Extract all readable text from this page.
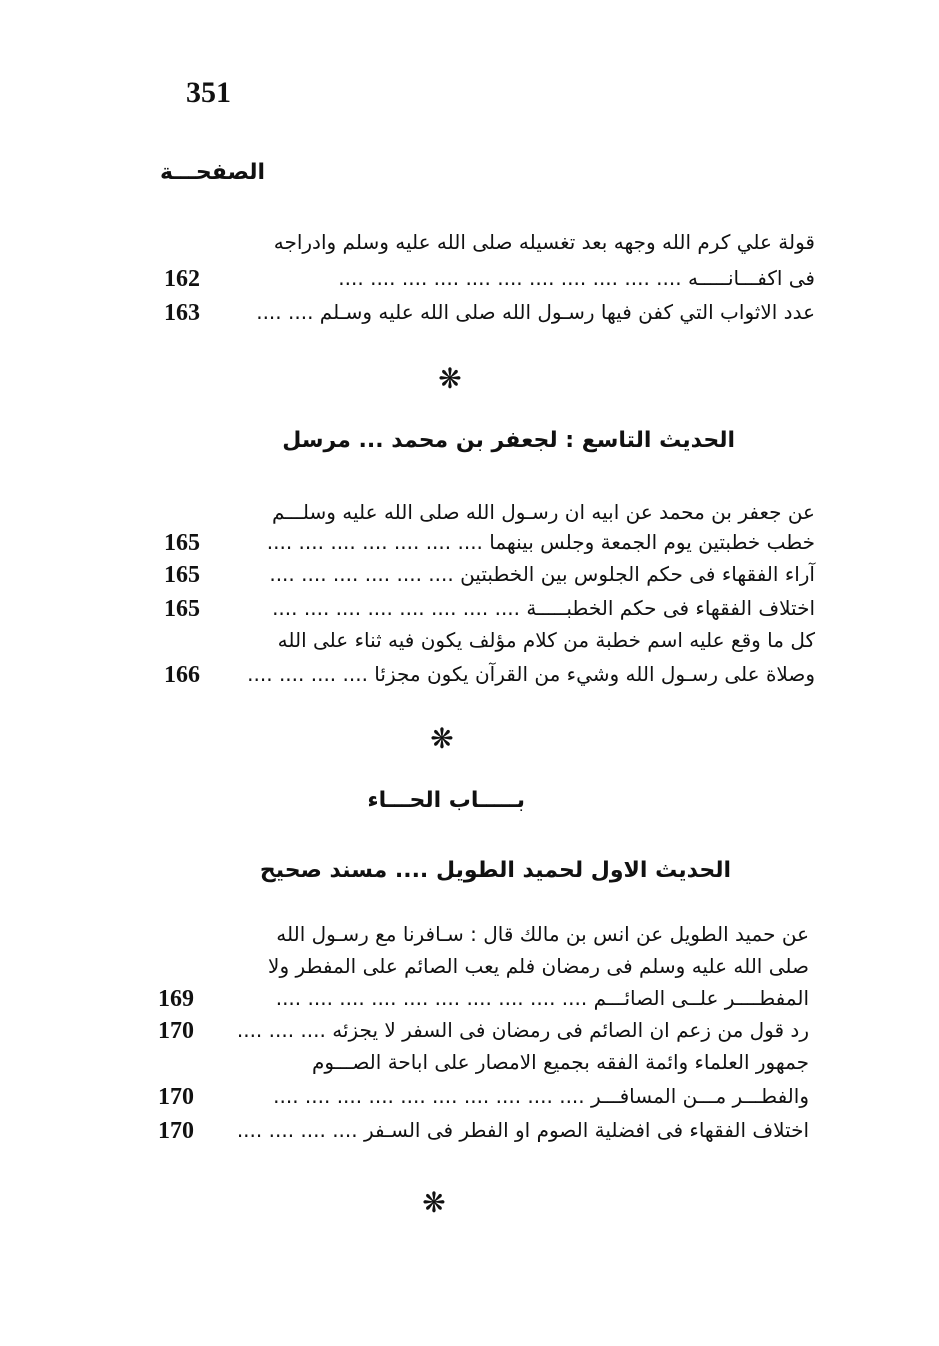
351
الصفحـــة
قولة علي كرم الله وجهه بعد تغسيله صلى الله عليه وسلم وادراجه
فى اكفـــانـــــه .... .... .... .... .... .... .... .... .... .... ....
162
عدد الاثواب التي كفن فيها رسـول الله صلى الله عليه وسـلم .... ....
163
❋
الحديث التاسع : لجعفر بن محمد ... مرسل
عن جعفر بن محمد عن ابيه ان رسـول الله صلى الله عليه وسلـــم
خطب خطبتين يوم الجمعة وجلس بينهما .... .... .... .... .... .... ....
165
آراء الفقهاء فى حكم الجلوس بين الخطبتين .... .... .... .... .... ....
165
اختلاف الفقهاء فى حكم الخطبـــــة .... .... .... .... .... .... .... ....
165
كل ما وقع عليه اسم خطبة من كلام مؤلف يكون فيه ثناء على الله
وصلاة على رسـول الله وشيء من القرآن يكون مجزئا .... .... .... ....
166
❋
بـــــاب الحـــاء
الحديث الاول لحميد الطويل .... مسند صحيح
عن حميد الطويل عن انس بن مالك قال : سـافرنا مع رسـول الله
صلى الله عليه وسلم فى رمضان فلم يعب الصائم على المفطر ولا
المفطــــر علــى الصائـــم .... .... .... .... .... .... .... .... .... ....
169
رد قول من زعم ان الصائم فى رمضان فى السفر لا يجزئه .... .... ....
170
جمهور العلماء وائمة الفقه بجميع الامصار على اباحة الصـــوم
والفطـــر مـــن المسافـــر .... .... .... .... .... .... .... .... .... ....
170
اختلاف الفقهاء فى افضلية الصوم او الفطر فى السـفر .... .... .... ....
170
❋
